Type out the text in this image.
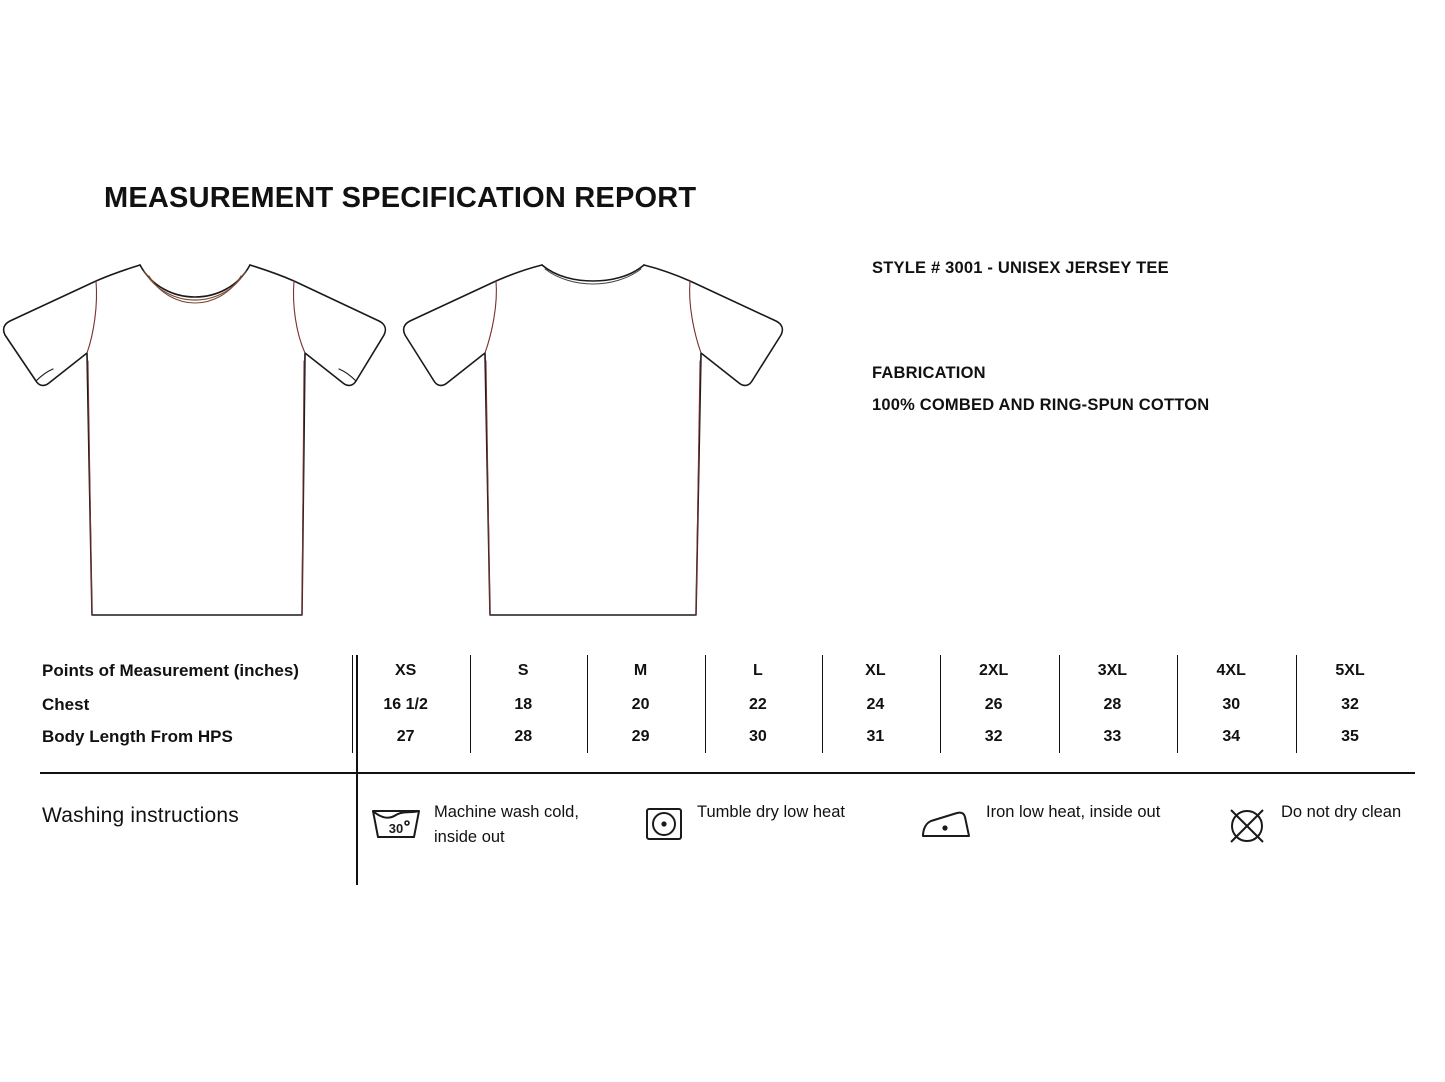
MEASUREMENT SPECIFICATION REPORT
STYLE # 3001 - UNISEX JERSEY TEE
FABRICATION
100% COMBED AND RING-SPUN COTTON
Points of Measurement (inches)	XS	S	M	L	XL	2XL	3XL	4XL	5XL

Chest	16 1/2	18	20	22	24	26	28	30	32

Body Length From HPS	27	28	29	30	31	32	33	34	35
Washing instructions
30
Machine wash cold, inside out
Tumble dry low heat	Iron low heat, inside out	Do not dry clean
